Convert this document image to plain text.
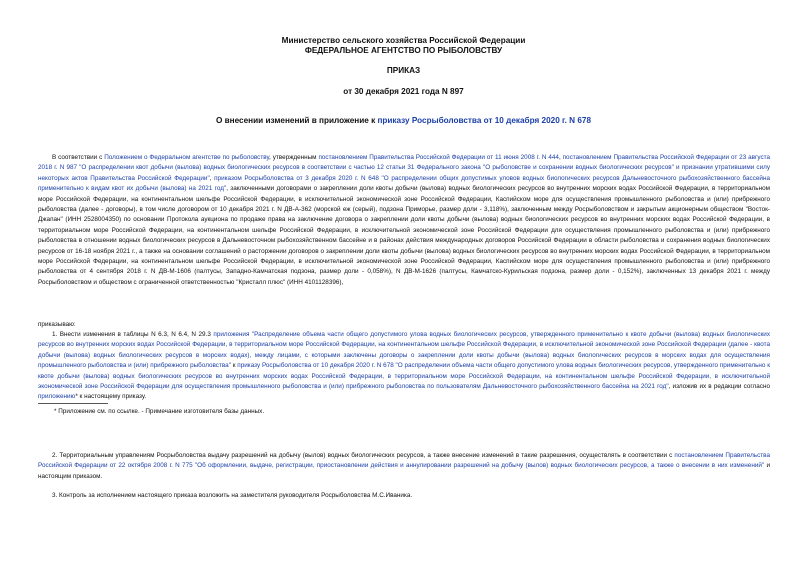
Министерство сельского хозяйства Российской Федерации
ФЕДЕРАЛЬНОЕ АГЕНТСТВО ПО РЫБОЛОВСТВУ
ПРИКАЗ
от 30 декабря 2021 года N 897
О внесении изменений в приложение к приказу Росрыболовства от 10 декабря 2020 г. N 678
В соответствии с Положением о Федеральном агентстве по рыболовству, утвержденным постановлением Правительства Российской Федерации от 11 июня 2008 г. N 444, постановлением Правительства Российской Федерации от 23 августа 2018 г. N 987 "О распределении квот добычи (вылова) водных биологических ресурсов в соответствии с частью 12 статьи 31 Федерального закона "О рыболовстве и сохранении водных биологических ресурсов" и признании утратившими силу некоторых актов Правительства Российской Федерации", приказом Росрыболовства от 3 декабря 2020 г. N 648 "О распределении общих допустимых уловов водных биологических ресурсов Дальневосточного рыбохозяйственного бассейна применительно к видам квот их добычи (вылова) на 2021 год", заключенными договорами о закреплении доли квоты добычи (вылова) водных биологических ресурсов во внутренних морских водах Российской Федерации, в территориальном море Российской Федерации, на континентальном шельфе Российской Федерации, в исключительной экономической зоне Российской Федерации, Каспийском море для осуществления промышленного рыболовства и (или) прибрежного рыболовства (далее - договоры), в том числе договором от 10 декабря 2021 г. N ДВ-А-362 (морской еж (серый), подзона Приморье, размер доли - 3,118%), заключенным между Росрыболовством и закрытым акционерным обществом "Восток-Джапан" (ИНН 2528004350) по основании Протокола аукциона по продаже права на заключение договора о закреплении доли квоты добычи (вылова) водных биологических ресурсов во внутренних морских водах Российской Федерации, в территориальном море Российской Федерации, на континентальном шельфе Российской Федерации, в исключительной экономической зоне Российской Федерации для осуществления промышленного рыболовства и (или) прибрежного рыболовства в отношении водных биологических ресурсов в Дальневосточном рыбохозяйственном бассейне и в районах действия международных договоров Российской Федерации в области рыболовства и сохранения водных биологических ресурсов от 16-18 ноября 2021 г., а также на основании соглашений о расторжении договоров о закреплении доли квоты добычи (вылова) водных биологических ресурсов во внутренних морских водах Российской Федерации, в территориальном море Российской Федерации, на континентальном шельфе Российской Федерации, в исключительной экономической зоне Российской Федерации, Каспийском море для осуществления промышленного рыболовства и (или) прибрежного рыболовства от 4 сентября 2018 г. N ДВ-М-1606 (палтусы, Западно-Камчатская подзона, размер доли - 0,058%), N ДВ-М-1626 (палтусы, Камчатско-Курильская подзона, размер доли - 0,152%), заключенных 13 декабря 2021 г. между Росрыболовством и обществом с ограниченной ответственностью "Кристалл плюс" (ИНН 4101128396),
приказываю:
1. Внести изменения в таблицы N 6.3, N 6.4, N 29.3 приложения "Распределение объема части общего допустимого улова водных биологических ресурсов, утвержденного применительно к квоте добычи (вылова) водных биологических ресурсов во внутренних морских водах Российской Федерации, в территориальном море Российской Федерации, на континентальном шельфе Российской Федерации, в исключительной экономической зоне Российской Федерации (далее - квота добычи (вылова) водных биологических ресурсов в морских водах), между лицами, с которыми заключены договоры о закреплении доли квоты добычи (вылова) водных биологических ресурсов в морских водах для осуществления промышленного рыболовства и (или) прибрежного рыболовства" к приказу Росрыболовства от 10 декабря 2020 г. N 678 "О распределении объема части общего допустимого улова водных биологических ресурсов, утвержденного применительно к квоте добычи (вылова) водных биологических ресурсов во внутренних морских водах Российской Федерации, в территориальном море Российской Федерации, на континентальном шельфе Российской Федерации, в исключительной экономической зоне Российской Федерации для осуществления промышленного рыболовства и (или) прибрежного рыболовства по пользователям Дальневосточного рыбохозяйственного бассейна на 2021 год", изложив их в редакции согласно приложению* к настоящему приказу.
* Приложение см. по ссылке. - Примечание изготовителя базы данных.
2. Территориальным управлениям Росрыболовства выдачу разрешений на добычу (вылов) водных биологических ресурсов, а также внесение изменений в такие разрешения, осуществлять в соответствии с постановлением Правительства Российской Федерации от 22 октября 2008 г. N 775 "Об оформлении, выдаче, регистрации, приостановлении действия и аннулировании разрешений на добычу (вылов) водных биологических ресурсов, а также о внесении в них изменений" и настоящим приказом.
3. Контроль за исполнением настоящего приказа возложить на заместителя руководителя Росрыболовства М.С.Иваника.
